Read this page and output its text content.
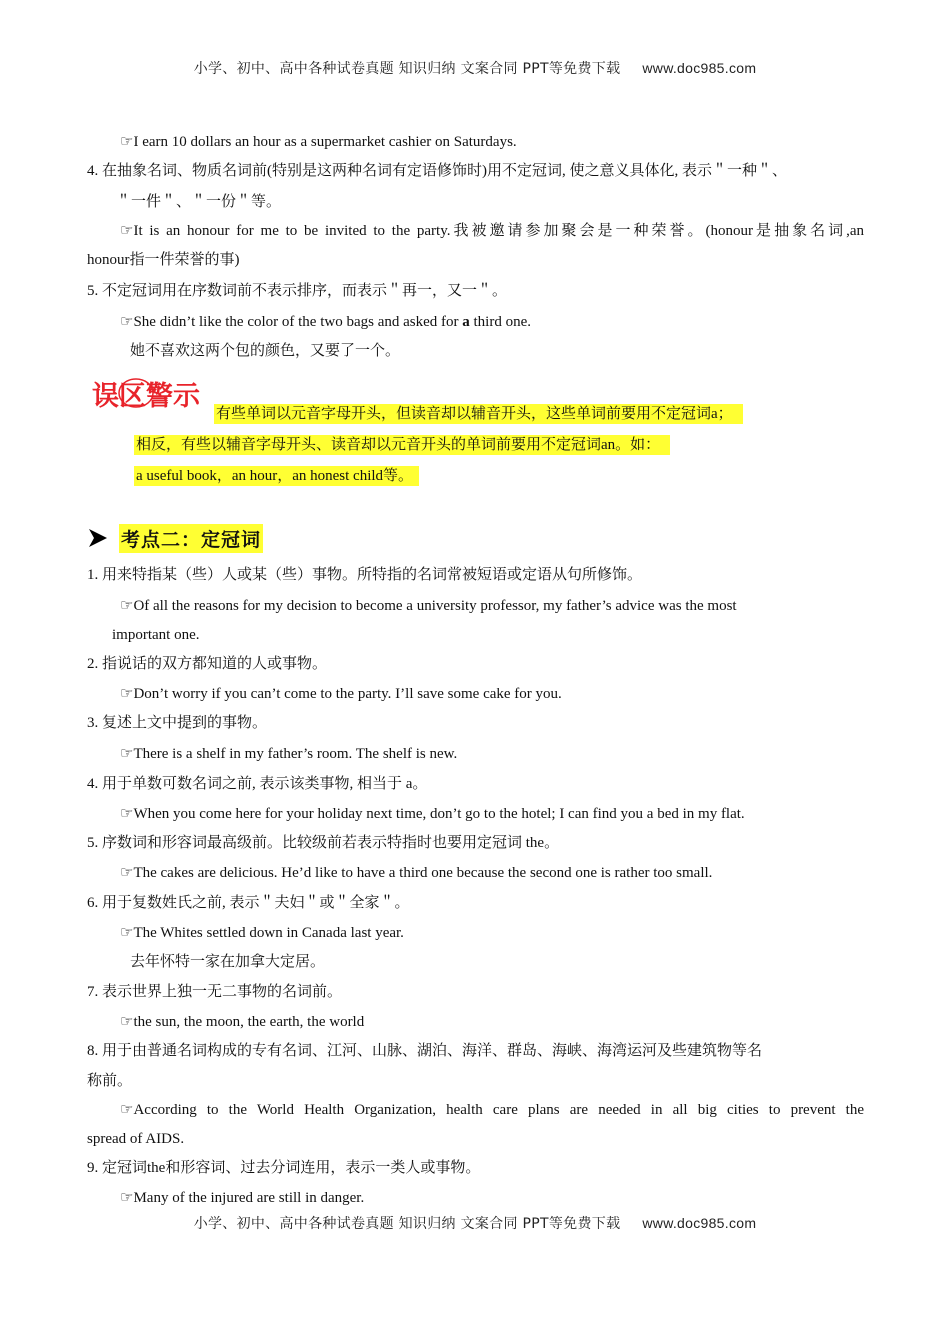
小学、初中、高中各种试卷真题 知识归纳 文案合同 PPT等免费下载 www.doc985.com
☞I earn 10 dollars an hour as a supermarket cashier on Saturdays.
4. 在抽象名词、物质名词前(特别是这两种名词有定语修饰时)用不定冠词, 使之意义具体化, 表示＂一种＂、
＂一件＂、＂一份＂等。
☞It is an honour for me to be invited to the party.我被邀请参加聚会是一种荣誉。(honour是抽象名词,an
honour指一件荣誉的事)
5. 不定冠词用在序数词前不表示排序，而表示＂再一，又一＂。
☞She didn’t like the color of the two bags and asked for a third one.
她不喜欢这两个包的颜色，又要了一个。
误区警示
有些单词以元音字母开头，但读音却以辅音开头，这些单词前要用不定冠词a；
相反，有些以辅音字母开头、读音却以元音开头的单词前要用不定冠词an。如：
a useful book，an hour，an honest child等。
考点二：定冠词
1. 用来特指某（些）人或某（些）事物。所特指的名词常被短语或定语从句所修饰。
☞Of all the reasons for my decision to become a university professor, my father’s advice was the most
important one.
2. 指说话的双方都知道的人或事物。
☞Don’t worry if you can’t come to the party. I’ll save some cake for you.
3. 复述上文中提到的事物。
☞There is a shelf in my father’s room. The shelf is new.
4. 用于单数可数名词之前, 表示该类事物, 相当于 a。
☞When you come here for your holiday next time, don’t go to the hotel; I can find you a bed in my flat.
5. 序数词和形容词最高级前。比较级前若表示特指时也要用定冠词 the。
☞The cakes are delicious. He’d like to have a third one because the second one is rather too small.
6. 用于复数姓氏之前, 表示＂夫妇＂或＂全家＂。
☞The Whites settled down in Canada last year.
去年怀特一家在加拿大定居。
7. 表示世界上独一无二事物的名词前。
☞the sun, the moon, the earth, the world
8. 用于由普通名词构成的专有名词、江河、山脉、湖泊、海洋、群岛、海峡、海湾运河及些建筑物等名
称前。
☞According to the World Health Organization, health care plans are needed in all big cities to prevent the
spread of AIDS.
9. 定冠词the和形容词、过去分词连用，表示一类人或事物。
☞Many of the injured are still in danger.
小学、初中、高中各种试卷真题 知识归纳 文案合同 PPT等免费下载 www.doc985.com
